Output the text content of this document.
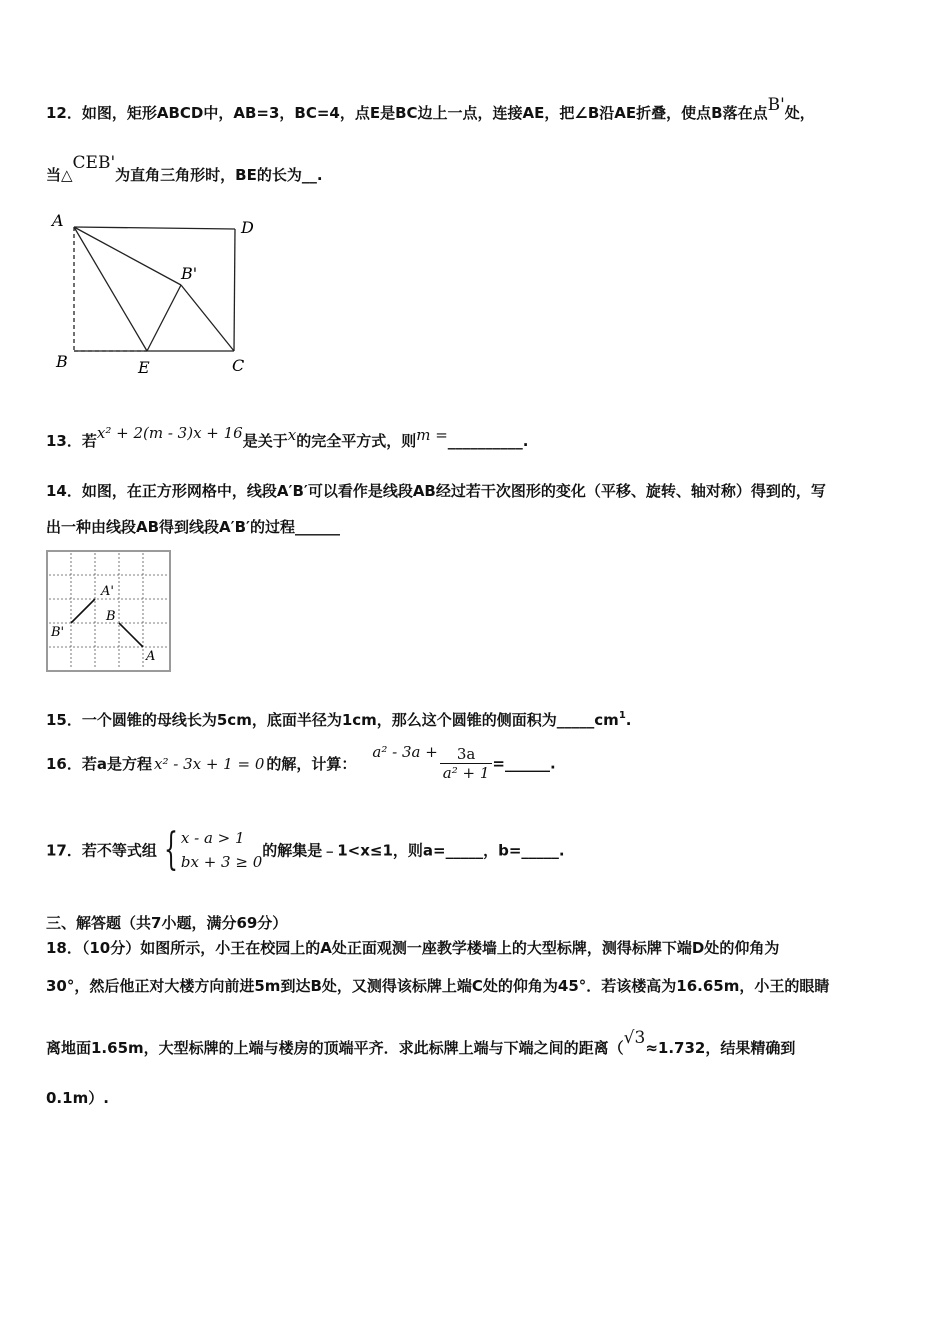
12．如图，矩形ABCD中，AB=3，BC=4，点E是BC边上一点，连接AE，把∠B沿AE折叠，使点B落在点B'处，
当△CEB'为直角三角形时，BE的长为__.
A	D
B'
B	E	C
13．若x² + 2(m - 3)x + 16是关于x的完全平方式，则m =__________.
14．如图，在正方形网格中，线段A′B′可以看作是线段AB经过若干次图形的变化（平移、旋转、轴对称）得到的，写
出一种由线段AB得到线段A′B′的过程______
A'
B
B'
A
15．一个圆锥的母线长为5cm，底面半径为1cm，那么这个圆锥的侧面积为$\_\_\_\_\_cm^1$.
16．若a是方程 x² - 3x + 1 = 0 的解，计算：$a^2 - 3a + \frac{3a}{\text{a² + 1}}$ =______.
17．若不等式组 { x - a > 1
bx + 3 ≥ 0
的解集是﹣1<x≤1，则a=_____，b=_____.
三、解答题（共7小题，满分69分）
18．（10分）如图所示，小王在校园上的A处正面观测一座教学楼墙上的大型标牌，测得标牌下端D处的仰角为
30°，然后他正对大楼方向前进5m到达B处，又测得该标牌上端C处的仰角为45°．若该楼高为16.65m，小王的眼睛
离地面1.65m，大型标牌的上端与楼房的顶端平齐．求此标牌上端与下端之间的距离（√3≈1.732，结果精确到
0.1m）.
